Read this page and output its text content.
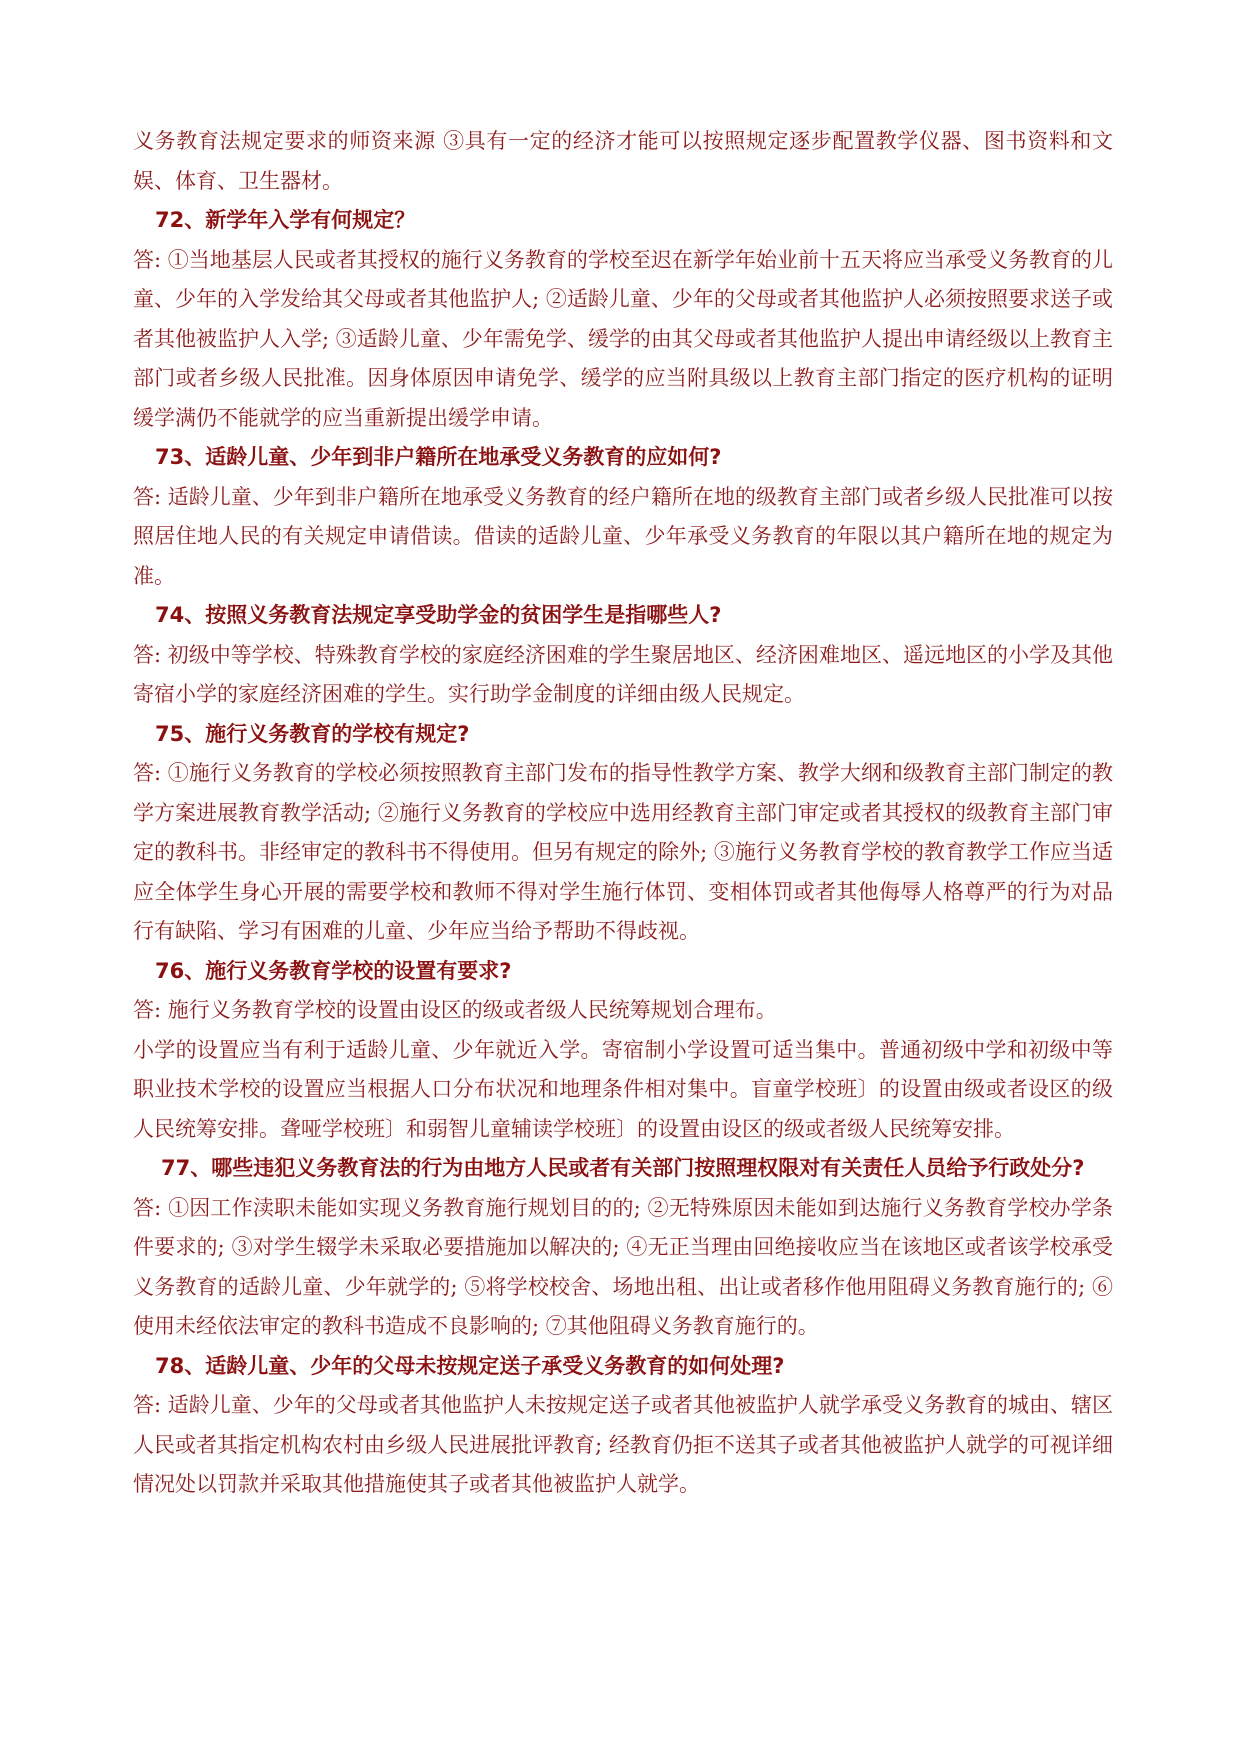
义务教育法规定要求的师资来源 ③具有一定的经济才能可以按照规定逐步配置教学仪器、图书资料和文娱、体育、卫生器材。

72、新学年入学有何规定？

答: ①当地基层人民或者其授权的施行义务教育的学校至迟在新学年始业前十五天将应当承受义务教育的儿童、少年的入学发给其父母或者其他监护人; ②适龄儿童、少年的父母或者其他监护人必须按照要求送子或者其他被监护人入学; ③适龄儿童、少年需免学、缓学的由其父母或者其他监护人提出申请经级以上教育主部门或者乡级人民批准。因身体原因申请免学、缓学的应当附具级以上教育主部门指定的医疗机构的证明缓学满仍不能就学的应当重新提出缓学申请。

73、适龄儿童、少年到非户籍所在地承受义务教育的应如何?

答: 适龄儿童、少年到非户籍所在地承受义务教育的经户籍所在地的级教育主部门或者乡级人民批准可以按照居住地人民的有关规定申请借读。借读的适龄儿童、少年承受义务教育的年限以其户籍所在地的规定为准。

74、按照义务教育法规定享受助学金的贫困学生是指哪些人?

答: 初级中等学校、特殊教育学校的家庭经济困难的学生聚居地区、经济困难地区、遥远地区的小学及其他寄宿小学的家庭经济困难的学生。实行助学金制度的详细由级人民规定。

75、施行义务教育的学校有规定?

答: ①施行义务教育的学校必须按照教育主部门发布的指导性教学方案、教学大纲和级教育主部门制定的教学方案进展教育教学活动; ②施行义务教育的学校应中选用经教育主部门审定或者其授权的级教育主部门审定的教科书。非经审定的教科书不得使用。但另有规定的除外; ③施行义务教育学校的教育教学工作应当适应全体学生身心开展的需要学校和教师不得对学生施行体罚、变相体罚或者其他侮辱人格尊严的行为对品行有缺陷、学习有困难的儿童、少年应当给予帮助不得歧视。

76、施行义务教育学校的设置有要求?

答: 施行义务教育学校的设置由设区的级或者级人民统筹规划合理布。

小学的设置应当有利于适龄儿童、少年就近入学。寄宿制小学设置可适当集中。普通初级中学和初级中等职业技术学校的设置应当根据人口分布状况和地理条件相对集中。盲童学校班〕的设置由级或者设区的级人民统筹安排。聋哑学校班〕和弱智儿童辅读学校班〕的设置由设区的级或者级人民统筹安排。

77、哪些违犯义务教育法的行为由地方人民或者有关部门按照理权限对有关责任人员给予行政处分?

答: ①因工作渎职未能如实现义务教育施行规划目的的; ②无特殊原因未能如到达施行义务教育学校办学条件要求的; ③对学生辍学未采取必要措施加以解决的; ④无正当理由回绝接收应当在该地区或者该学校承受义务教育的适龄儿童、少年就学的; ⑤将学校校舍、场地出租、出让或者移作他用阻碍义务教育施行的; ⑥使用未经依法审定的教科书造成不良影响的; ⑦其他阻碍义务教育施行的。

78、适龄儿童、少年的父母未按规定送子承受义务教育的如何处理?

答: 适龄儿童、少年的父母或者其他监护人未按规定送子或者其他被监护人就学承受义务教育的城由、辖区人民或者其指定机构农村由乡级人民进展批评教育; 经教育仍拒不送其子或者其他被监护人就学的可视详细情况处以罚款并采取其他措施使其子或者其他被监护人就学。
